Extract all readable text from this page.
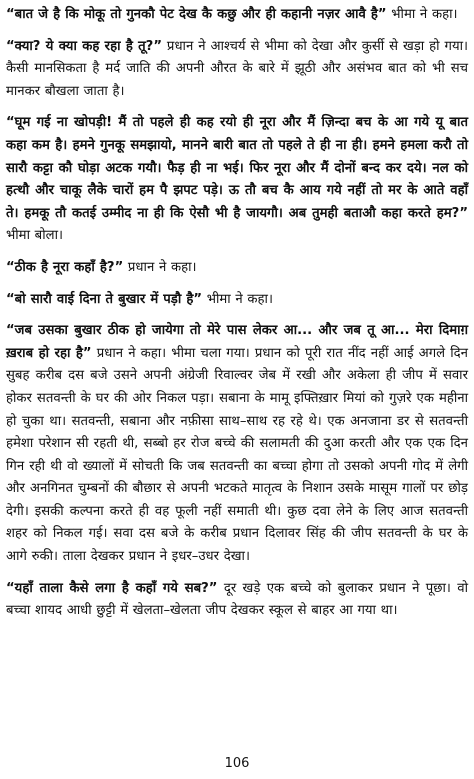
“बात जे है कि मोकू तो गुनकौ पेट देख कै कछु और ही कहानी नज़र आवै है” भीमा ने कहा।

“क्या? ये क्या कह रहा है तू?” प्रधान ने आश्चर्य से भीमा को देखा और कुर्सी से खड़ा हो गया। कैसी मानसिकता है मर्द जाति की अपनी औरत के बारे में झूठी और असंभव बात को भी सच मानकर बौखला जाता है।

“घूम गई ना खोपड़ी! मैं तो पहले ही कह रयो ही नूरा और मैं ज़िन्दा बच के आ गये यू बात कहा कम है। हमने गुनकू समझायो, मानने बारी बात तो पहले ते ही ना ही। हमने हमला करौ तो सारौ कट्टा कौ घोड़ा अटक गयौ। फैड़ ही ना भई। फिर नूरा और मैं दोनों बन्द कर दये। नल को हत्थौ और चाकू लैके चारों हम पै झपट पड़े। ऊ तौ बच कै आय गये नहीं तो मर के आते वहाँ ते। हमकू तौ कतई उम्मीद ना ही कि ऐसौ भी है जायगौ। अब तुमही बताऔ कहा करते हम?” भीमा बोला।

“ठीक है नूरा कहाँ है?” प्रधान ने कहा।

“बो सारौ वाई दिना ते बुखार में पड़ौ है” भीमा ने कहा।

“जब उसका बुखार ठीक हो जायेगा तो मेरे पास लेकर आ... और जब तू आ... मेरा दिमाग़ ख़राब हो रहा है” प्रधान ने कहा। भीमा चला गया। प्रधान को पूरी रात नींद नहीं आई अगले दिन सुबह करीब दस बजे उसने अपनी अंग्रेजी रिवाल्वर जेब में रखी और अकेला ही जीप में सवार होकर सतवन्ती के घर की ओर निकल पड़ा। सबाना के मामू इफ्तिख़ार मियां को गुज़रे एक महीना हो चुका था। सतवन्ती, सबाना और नफ़ीसा साथ–साथ रह रहे थे। एक अनजाना डर से सतवन्ती हमेशा परेशान सी रहती थी, सब्बो हर रोज बच्चे की सलामती की दुआ करती और एक एक दिन गिन रही थी वो ख्यालों में सोचती कि जब सतवन्ती का बच्चा होगा तो उसको अपनी गोद में लेगी और अनगिनत चुम्बनों की बौछार से अपनी भटकते मातृत्व के निशान उसके मासूम गालों पर छोड़ देगी। इसकी कल्पना करते ही वह फूली नहीं समाती थी। कुछ दवा लेने के लिए आज सतवन्ती शहर को निकल गई। सवा दस बजे के करीब प्रधान दिलावर सिंह की जीप सतवन्ती के घर के आगे रुकी। ताला देखकर प्रधान ने इधर–उधर देखा।

“यहाँ ताला कैसे लगा है कहाँ गये सब?” दूर खड़े एक बच्चे को बुलाकर प्रधान ने पूछा। वो बच्चा शायद आधी छुट्टी में खेलता–खेलता जीप देखकर स्कूल से बाहर आ गया था।

106
